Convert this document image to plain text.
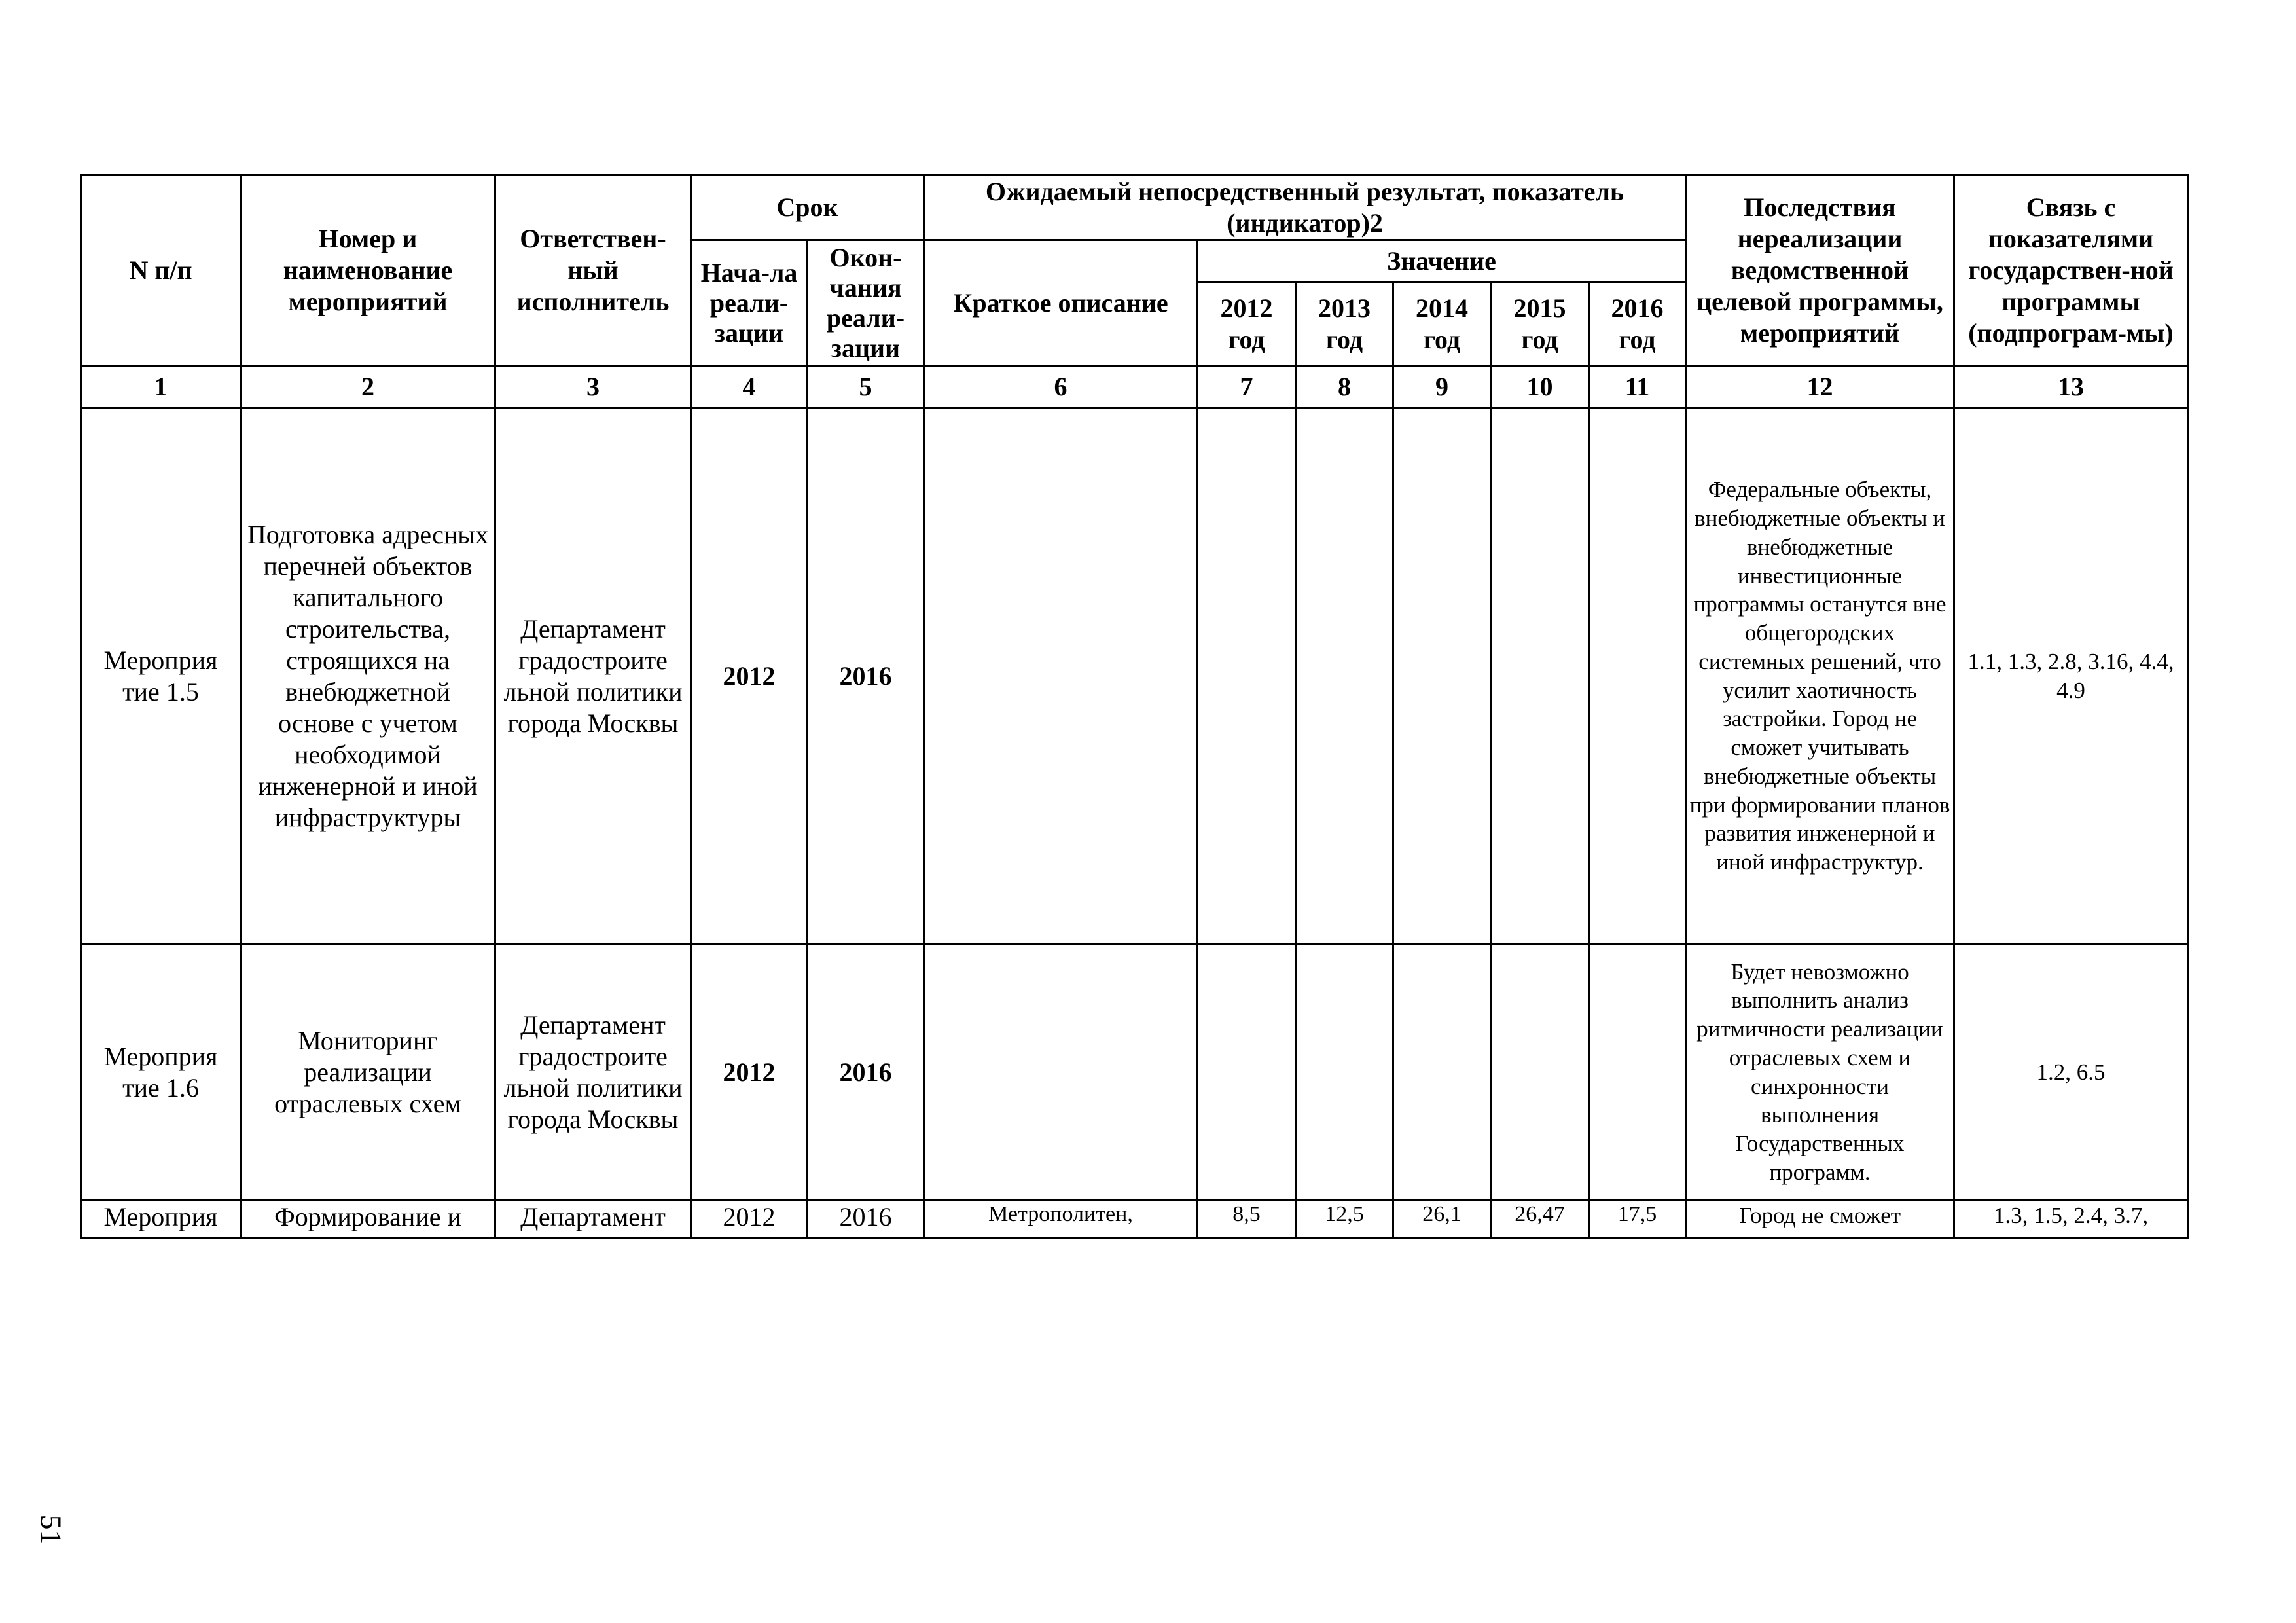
51
N п/п	Номер и наименование мероприятий	Ответствен-ный исполнитель	Срок		Ожидаемый непосредственный результат, показатель (индикатор)2						Последствия нереализации ведомственной целевой программы, мероприятий	Связь с показателями государствен-ной программы (подпрограм-мы)
			Нача-ла реали-зации	Окон-чания реали-зации	Краткое описание	Значение						
						2012 год	2013 год	2014 год	2015 год	2016 год		
1	2	3	4	5	6	7	8	9	10	11	12	13
Мероприя тие 1.5	Подготовка адресных перечней объектов капитального строительства, строящихся на внебюджетной основе с учетом необходимой инженерной и иной инфраструктуры	Департамент градостроите льной политики города Москвы	2012	2016							Федеральные объекты, внебюджетные объекты и внебюджетные инвестиционные программы останутся вне общегородских системных решений, что усилит хаотичность застройки. Город не сможет учитывать внебюджетные объекты при формировании планов развития инженерной и иной инфраструктур.	1.1, 1.3, 2.8, 3.16, 4.4, 4.9
Мероприя тие 1.6	Мониторинг реализации отраслевых схем	Департамент градостроите льной политики города Москвы	2012	2016							Будет невозможно выполнить анализ ритмичности реализации отраслевых схем и синхронности выполнения Государственных программ.	1.2, 6.5
Мероприя	Формирование и	Департамент	2012	2016	Метрополитен,	8,5	12,5	26,1	26,47	17,5	Город не сможет	1.3, 1.5, 2.4, 3.7,
